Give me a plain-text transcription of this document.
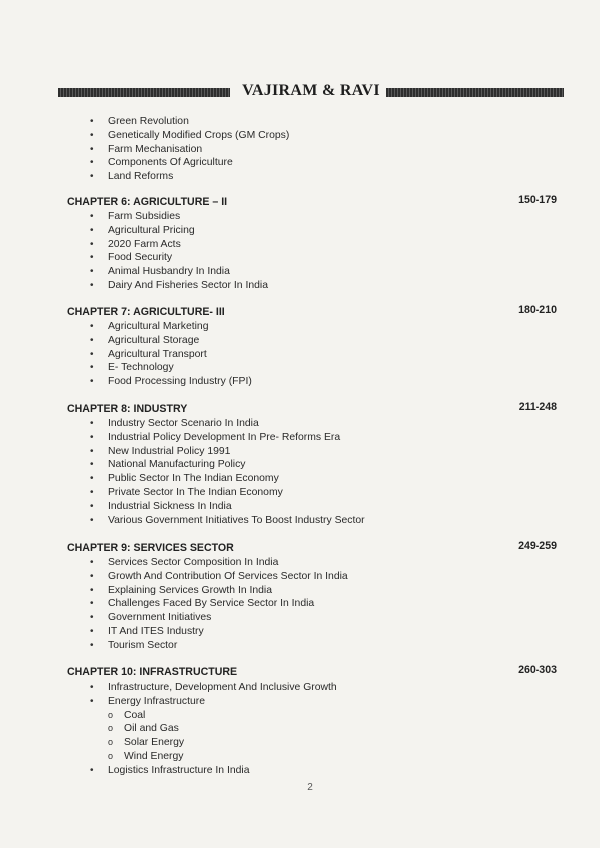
VAJIRAM & RAVI
• Green Revolution
• Genetically Modified Crops (GM Crops)
• Farm Mechanisation
• Components Of Agriculture
• Land Reforms
CHAPTER 6: AGRICULTURE – II	150-179
• Farm Subsidies
• Agricultural Pricing
• 2020 Farm Acts
• Food Security
• Animal Husbandry In India
• Dairy And Fisheries Sector In India
CHAPTER 7: AGRICULTURE- III	180-210
• Agricultural Marketing
• Agricultural Storage
• Agricultural Transport
• E- Technology
• Food Processing Industry (FPI)
CHAPTER 8: INDUSTRY	211-248
• Industry Sector Scenario In India
• Industrial Policy Development In Pre- Reforms Era
• New Industrial Policy 1991
• National Manufacturing Policy
• Public Sector In The Indian Economy
• Private Sector In The Indian Economy
• Industrial Sickness In India
• Various Government Initiatives To Boost Industry Sector
CHAPTER 9: SERVICES SECTOR	249-259
• Services Sector Composition In India
• Growth And Contribution Of Services Sector In India
• Explaining Services Growth In India
• Challenges Faced By Service Sector In India
• Government Initiatives
• IT And ITES Industry
• Tourism Sector
CHAPTER 10: INFRASTRUCTURE	260-303
• Infrastructure, Development And Inclusive Growth
• Energy Infrastructure
o Coal
o Oil and Gas
o Solar Energy
o Wind Energy
• Logistics Infrastructure In India
2
